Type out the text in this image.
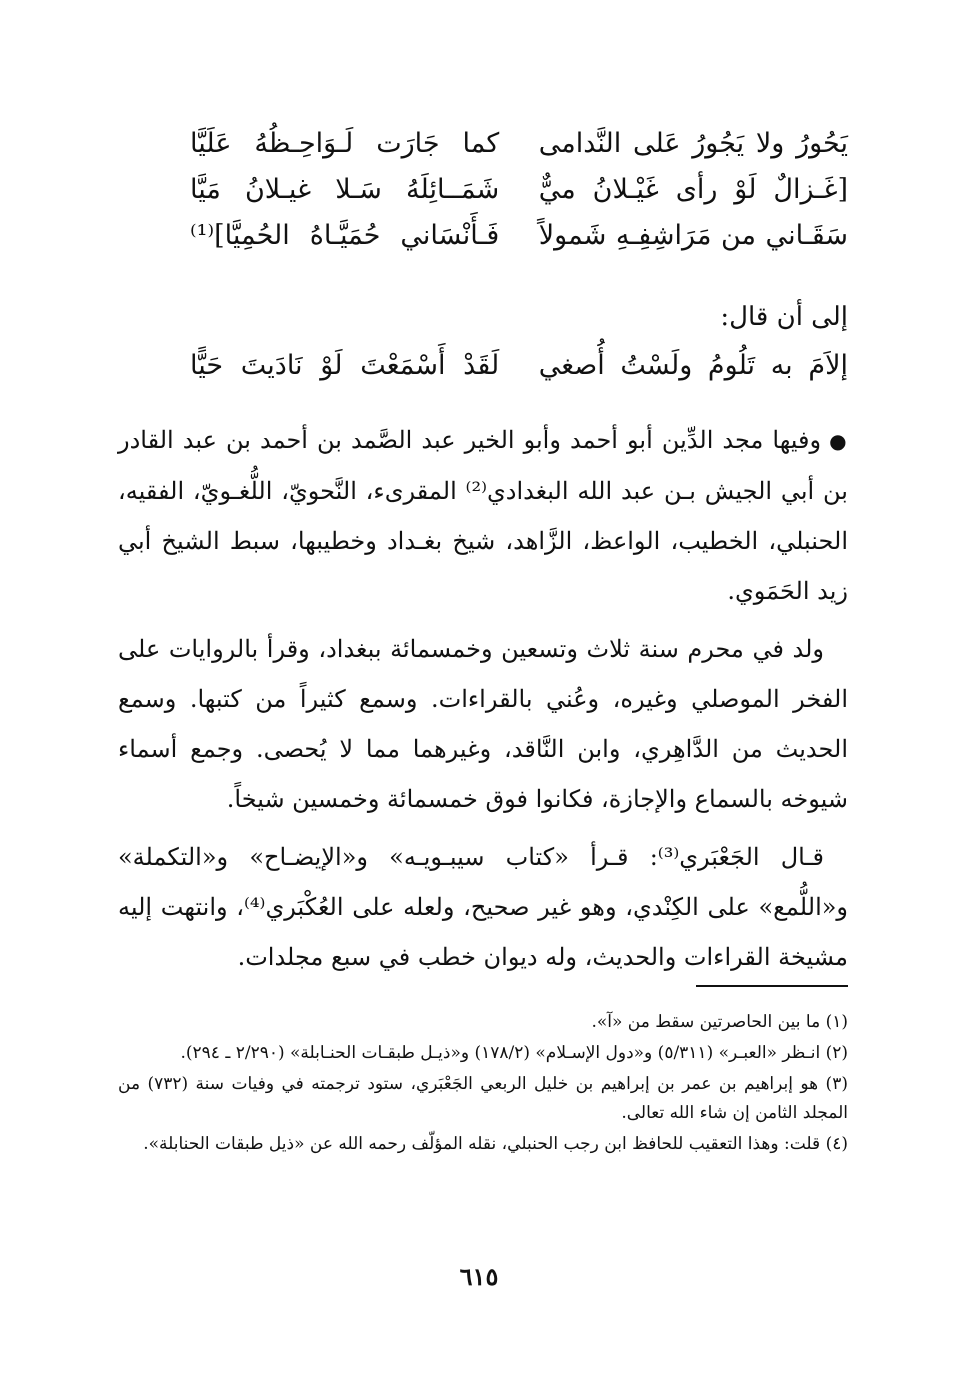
يَحُورُ ولا يَجُورُ عَلى النَّدامى
كما جَارَت لَـوَاحِـظُهُ عَلَيَّا
[غَـزالٌ لَوْ رأى غَيْـلانُ ميٌّ
شَمَــائِلَهُ سَـلا غيـلانُ مَيَّا
سَقَـاني من مَرَاشِفِـهِ شَمولاً
فَـأَنْسَاني حُمَيَّـاهُ الحُمِيَّا]⁽¹⁾
إلى أن قال:
إلاَمَ به تَلُومُ ولَسْتُ أُصغي
لَقَدْ أَسْمَعْتَ لَوْ نَادَيتَ حَيًّا

●وفيها مجد الدِّين أبو أحمد وأبو الخير عبد الصَّمد بن أحمد بن عبد القادر بن أبي الجيش بـن عبد الله البغدادي⁽²⁾ المقرىء، النَّحويّ، اللُّغـويّ، الفقيه، الحنبلي، الخطيب، الواعظ، الزَّاهد، شيخ بغـداد وخطيبها، سبط الشيخ أبي زيد الحَمَوي.

ولد في محرم سنة ثلاث وتسعين وخمسمائة ببغداد، وقرأ بالروايات على الفخر الموصلي وغيره، وعُني بالقراءات. وسمع كثيراً من كتبها. وسمع الحديث من الدَّاهِري، وابن النَّاقد، وغيرهما مما لا يُحصى. وجمع أسماء شيوخه بالسماع والإجازة، فكانوا فوق خمسمائة وخمسين شيخاً.

قـال الجَعْبَري⁽³⁾: قـرأ «كتاب سيبـويـه» و«الإيضـاح» و«التكملة» و«اللُّمع» على الكِنْدي، وهو غير صحيح، ولعله على العُكْبَري⁽⁴⁾، وانتهت إليه مشيخة القراءات والحديث، وله ديوان خطب في سبع مجلدات.

(١) ما بين الحاصرتين سقط من «آ».

(٢) انـظر «العبـر» (٥/٣١١) و«دول الإسـلام» (١٧٨/٢) و«ذيـل طبقـات الحنـابلة» (٢/٢٩٠ ـ ٢٩٤).

(٣) هو إبراهيم بن عمر بن إبراهيم بن خليل الربعي الجَعْبَري، ستود ترجمته في وفيات سنة (٧٣٢) من المجلد الثامن إن شاء الله تعالى.

(٤) قلت: وهذا التعقيب للحافظ ابن رجب الحنبلي، نقله المؤلّف رحمه الله عن «ذيل طبقات الحنابلة».

٦١٥
